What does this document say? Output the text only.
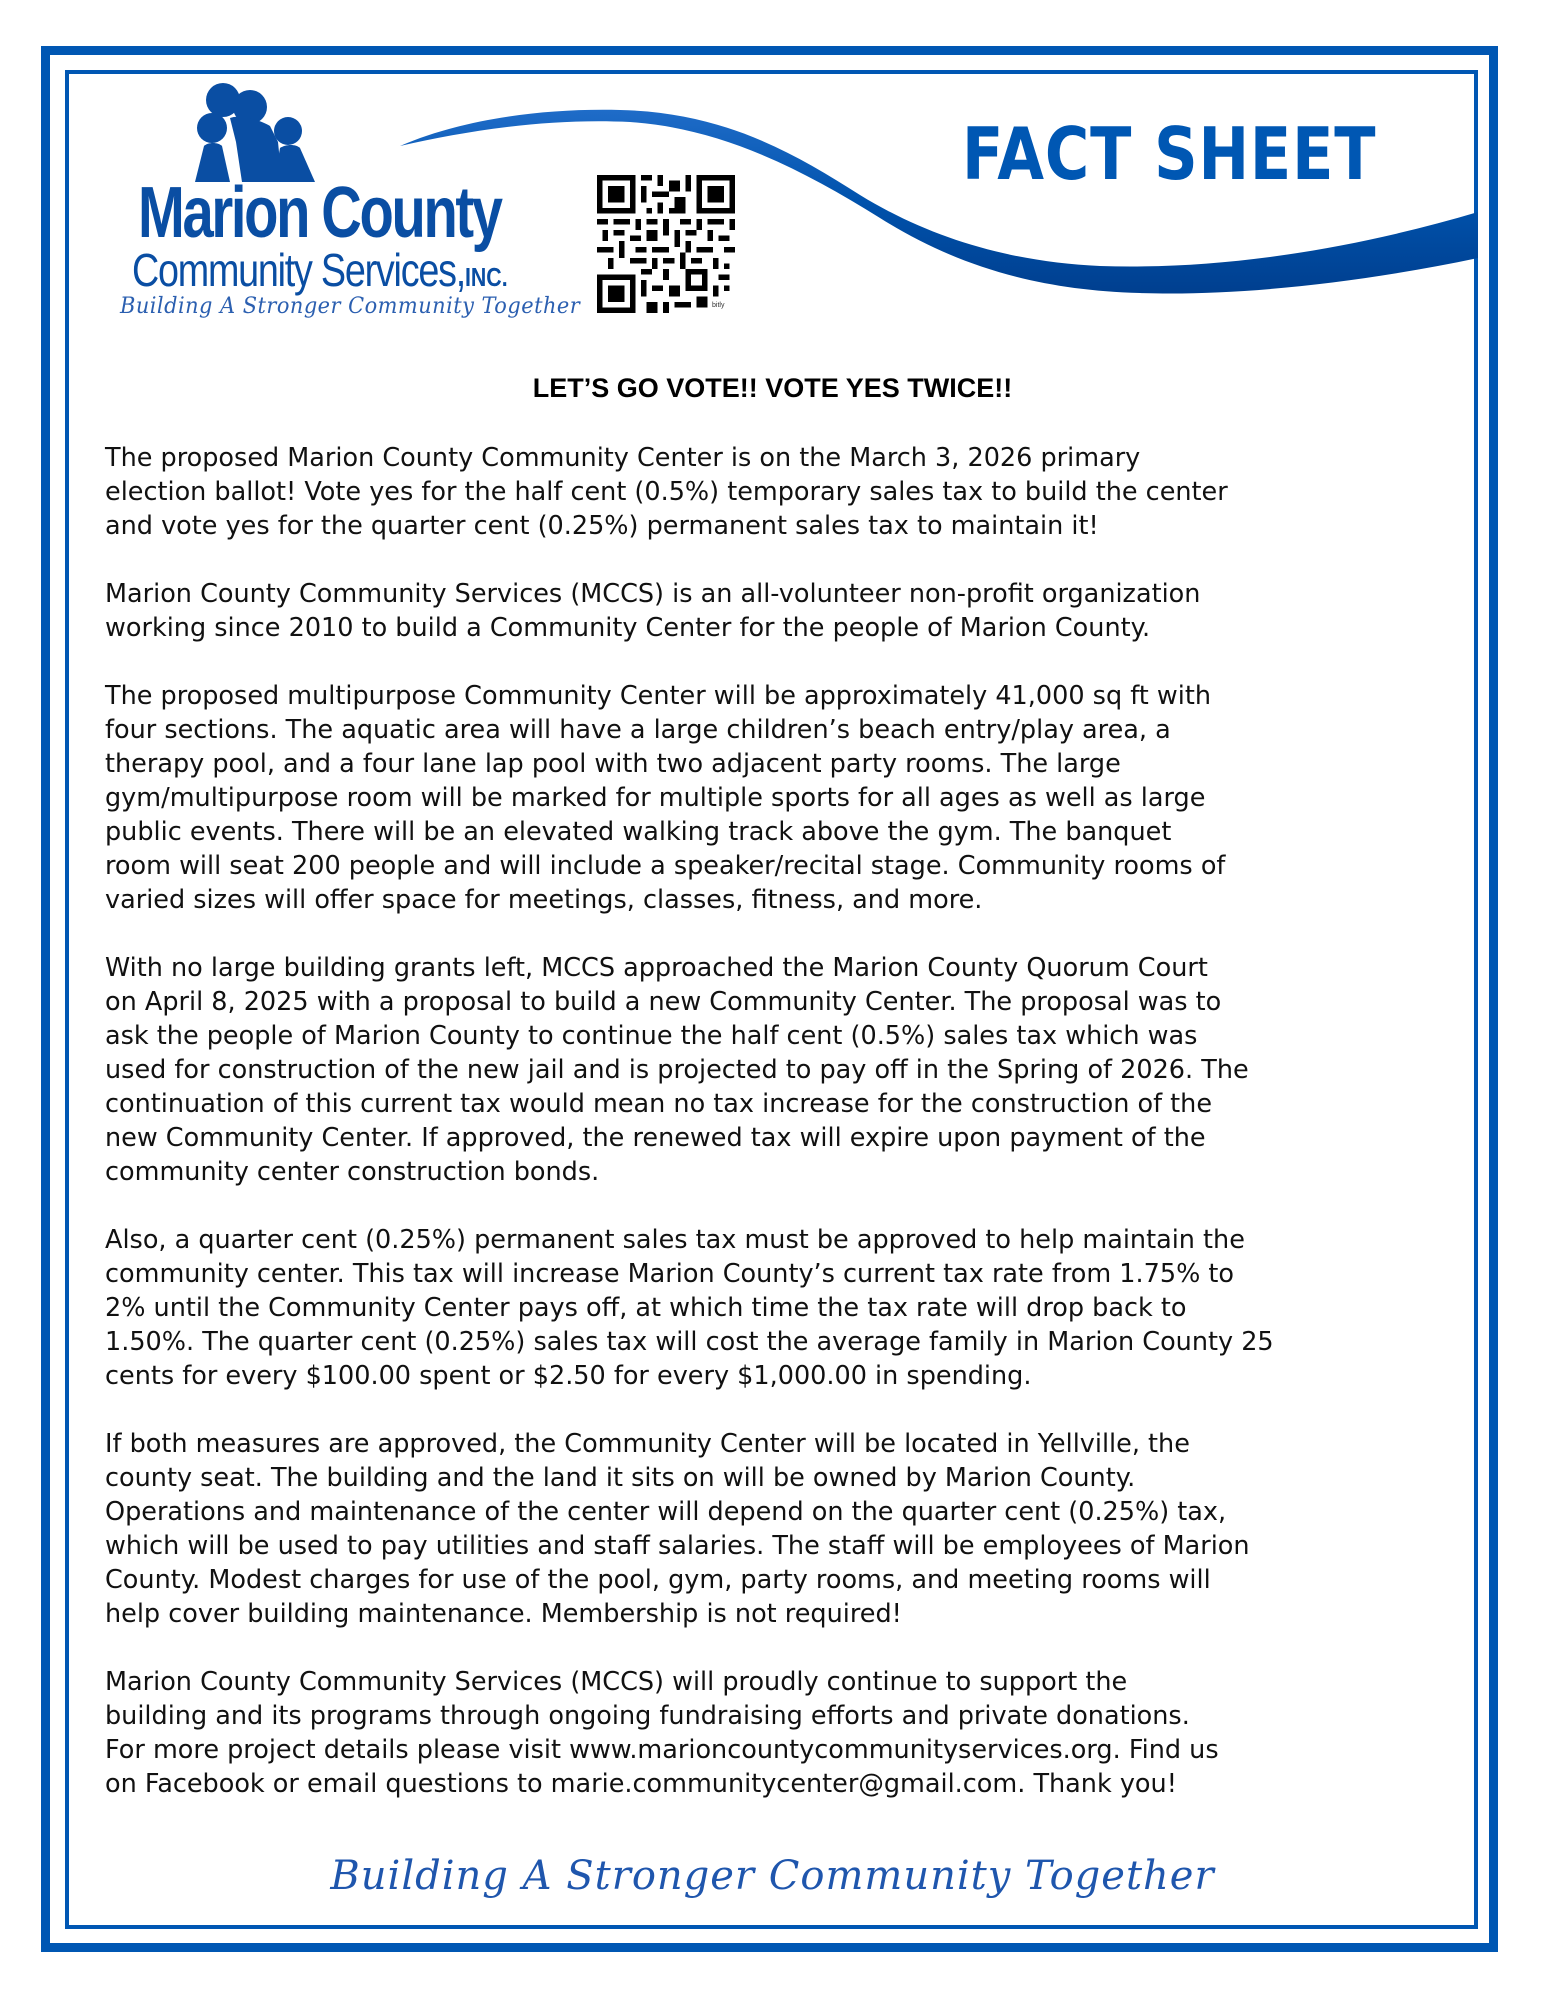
Marion County
Community Services,INC.
Building A Stronger Community Together	bitly
FACT SHEET
LET’S GO VOTE!! VOTE YES TWICE!!
The proposed Marion County Community Center is on the March 3, 2026 primary
election ballot! Vote yes for the half cent (0.5%) temporary sales tax to build the center
and vote yes for the quarter cent (0.25%) permanent sales tax to maintain it!
Marion County Community Services (MCCS) is an all-volunteer non-profit organization
working since 2010 to build a Community Center for the people of Marion County.
The proposed multipurpose Community Center will be approximately 41,000 sq ft with
four sections. The aquatic area will have a large children’s beach entry/play area, a
therapy pool, and a four lane lap pool with two adjacent party rooms. The large
gym/multipurpose room will be marked for multiple sports for all ages as well as large
public events. There will be an elevated walking track above the gym. The banquet
room will seat 200 people and will include a speaker/recital stage. Community rooms of
varied sizes will offer space for meetings, classes, fitness, and more.
With no large building grants left, MCCS approached the Marion County Quorum Court
on April 8, 2025 with a proposal to build a new Community Center. The proposal was to
ask the people of Marion County to continue the half cent (0.5%) sales tax which was
used for construction of the new jail and is projected to pay off in the Spring of 2026. The
continuation of this current tax would mean no tax increase for the construction of the
new Community Center. If approved, the renewed tax will expire upon payment of the
community center construction bonds.
Also, a quarter cent (0.25%) permanent sales tax must be approved to help maintain the
community center. This tax will increase Marion County’s current tax rate from 1.75% to
2% until the Community Center pays off, at which time the tax rate will drop back to
1.50%. The quarter cent (0.25%) sales tax will cost the average family in Marion County 25
cents for every $100.00 spent or $2.50 for every $1,000.00 in spending.
If both measures are approved, the Community Center will be located in Yellville, the
county seat. The building and the land it sits on will be owned by Marion County.
Operations and maintenance of the center will depend on the quarter cent (0.25%) tax,
which will be used to pay utilities and staff salaries. The staff will be employees of Marion
County. Modest charges for use of the pool, gym, party rooms, and meeting rooms will
help cover building maintenance. Membership is not required!
Marion County Community Services (MCCS) will proudly continue to support the
building and its programs through ongoing fundraising efforts and private donations.
For more project details please visit www.marioncountycommunityservices.org. Find us
on Facebook or email questions to marie.communitycenter@gmail.com. Thank you!
Building A Stronger Community Together
